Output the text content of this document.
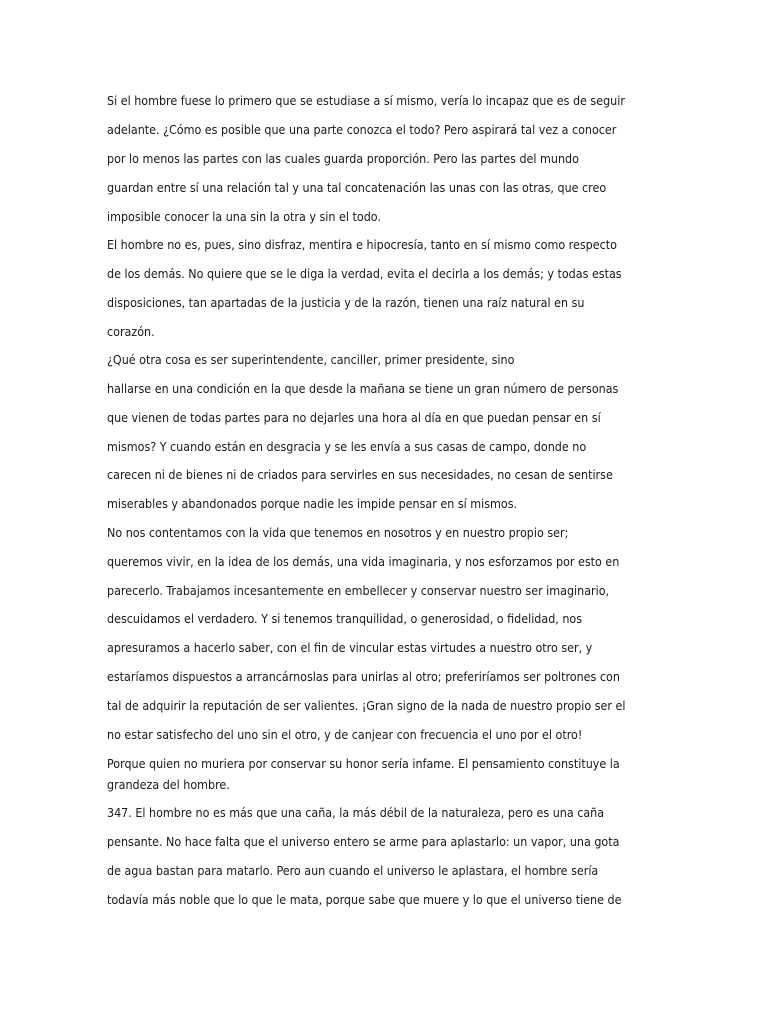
Si el hombre fuese lo primero que se estudiase a sí mismo, vería lo incapaz que es de seguir
adelante. ¿Cómo es posible que una parte conozca el todo? Pero aspirará tal vez a conocer
por lo menos las partes con las cuales guarda proporción. Pero las partes del mundo
guardan entre sí una relación tal y una tal concatenación las unas con las otras, que creo
imposible conocer la una sin la otra y sin el todo.
El hombre no es, pues, sino disfraz, mentira e hipocresía, tanto en sí mismo como respecto
de los demás. No quiere que se le diga la verdad, evita el decirla a los demás; y todas estas
disposiciones, tan apartadas de la justicia y de la razón, tienen una raíz natural en su
corazón.
¿Qué otra cosa es ser superintendente, canciller, primer presidente, sino
hallarse en una condición en la que desde la mañana se tiene un gran número de personas
que vienen de todas partes para no dejarles una hora al día en que puedan pensar en sí
mismos? Y cuando están en desgracia y se les envía a sus casas de campo, donde no
carecen ni de bienes ni de criados para servirles en sus necesidades, no cesan de sentirse
miserables y abandonados porque nadie les impide pensar en sí mismos.
No nos contentamos con la vida que tenemos en nosotros y en nuestro propio ser;
queremos vivir, en la idea de los demás, una vida imaginaria, y nos esforzamos por esto en
parecerlo. Trabajamos incesantemente en embellecer y conservar nuestro ser imaginario,
descuidamos el verdadero. Y si tenemos tranquilidad, o generosidad, o fidelidad, nos
apresuramos a hacerlo saber, con el fin de vincular estas virtudes a nuestro otro ser, y
estaríamos dispuestos a arrancárnoslas para unirlas al otro; preferiríamos ser poltrones con
tal de adquirir la reputación de ser valientes. ¡Gran signo de la nada de nuestro propio ser el
no estar satisfecho del uno sin el otro, y de canjear con frecuencia el uno por el otro!
Porque quien no muriera por conservar su honor sería infame. El pensamiento constituye la
grandeza del hombre.
347. El hombre no es más que una caña, la más débil de la naturaleza, pero es una caña
pensante. No hace falta que el universo entero se arme para aplastarlo: un vapor, una gota
de agua bastan para matarlo. Pero aun cuando el universo le aplastara, el hombre sería
todavía más noble que lo que le mata, porque sabe que muere y lo que el universo tiene de
